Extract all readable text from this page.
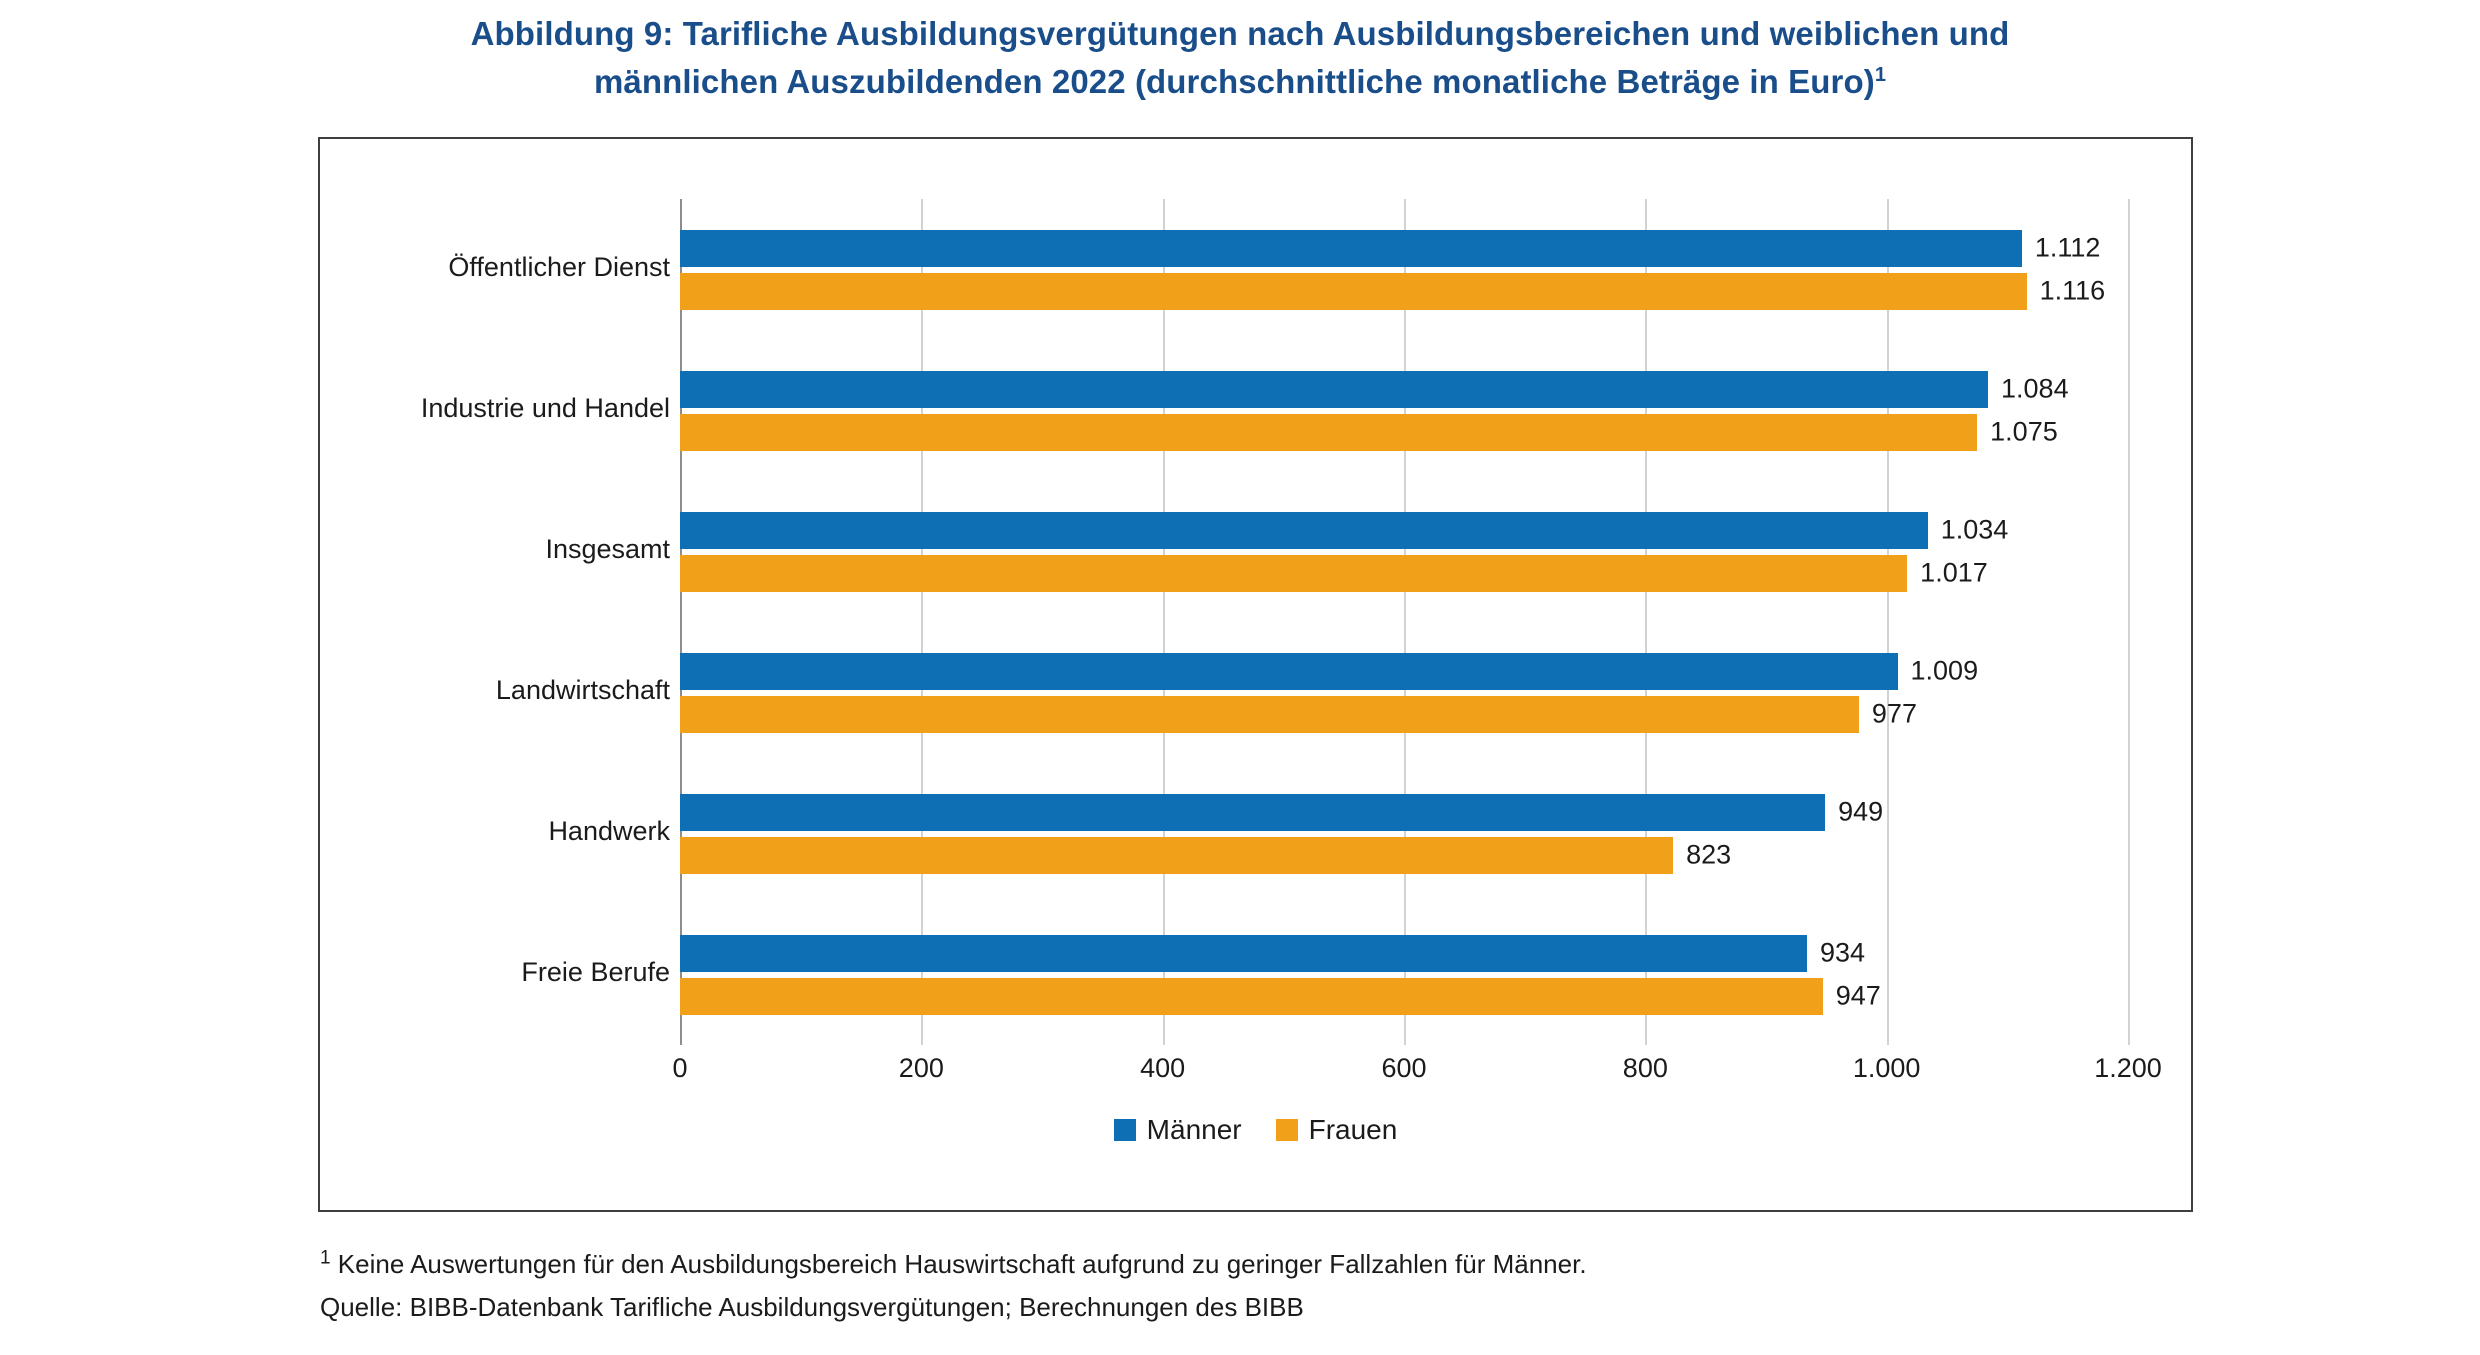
Abbildung 9: Tarifliche Ausbildungsvergütungen nach Ausbildungsbereichen und weiblichen und
männlichen Auszubildenden 2022 (durchschnittliche monatliche Beträge in Euro)$^1$
Öffentlicher Dienst
Industrie und Handel
Insgesamt
Landwirtschaft
Handwerk
Freie Berufe
1.112
1.116
1.084
1.075
1.034
1.017
1.009
977
949
823
934
947
0	200	400	600	800	1.000	1.200
Männer Frauen
$^1$ Keine Auswertungen für den Ausbildungsbereich Hauswirtschaft aufgrund zu geringer Fallzahlen für Männer.
Quelle: BIBB-Datenbank Tarifliche Ausbildungsvergütungen; Berechnungen des BIBB
